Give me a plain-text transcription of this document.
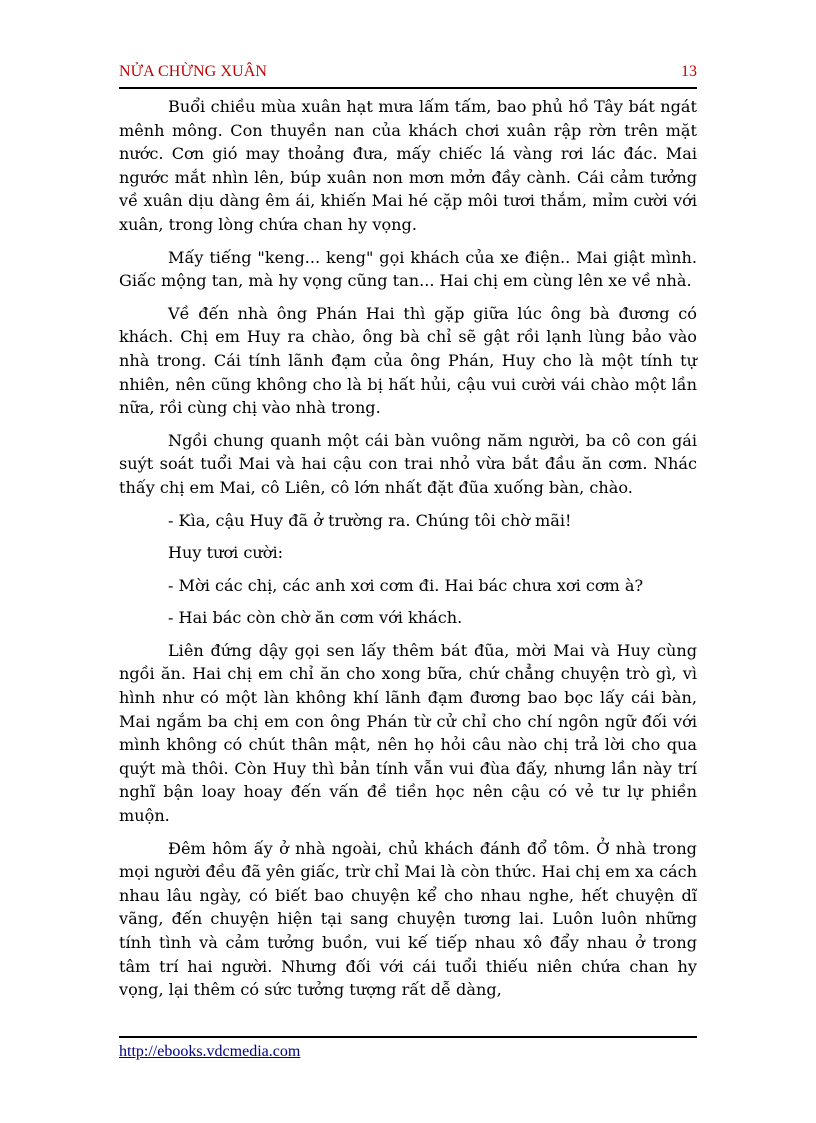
NỬA CHỪNG XUÂN	13

Buổi chiều mùa xuân hạt mưa lấm tấm, bao phủ hồ Tây bát ngát mênh mông. Con thuyền nan của khách chơi xuân rập rờn trên mặt nước. Cơn gió may thoảng đưa, mấy chiếc lá vàng rơi lác đác. Mai ngước mắt nhìn lên, búp xuân non mơn mởn đầy cành. Cái cảm tưởng về xuân dịu dàng êm ái, khiến Mai hé cặp môi tươi thắm, mỉm cười với xuân, trong lòng chứa chan hy vọng.

Mấy tiếng "keng... keng" gọi khách của xe điện.. Mai giật mình. Giấc mộng tan, mà hy vọng cũng tan... Hai chị em cùng lên xe về nhà.

Về đến nhà ông Phán Hai thì gặp giữa lúc ông bà đương có khách. Chị em Huy ra chào, ông bà chỉ sẽ gật rồi lạnh lùng bảo vào nhà trong. Cái tính lãnh đạm của ông Phán, Huy cho là một tính tự nhiên, nên cũng không cho là bị hất hủi, cậu vui cười vái chào một lần nữa, rồi cùng chị vào nhà trong.

Ngồi chung quanh một cái bàn vuông năm người, ba cô con gái suýt soát tuổi Mai và hai cậu con trai nhỏ vừa bắt đầu ăn cơm. Nhác thấy chị em Mai, cô Liên, cô lớn nhất đặt đũa xuống bàn, chào.

- Kìa, cậu Huy đã ở trường ra. Chúng tôi chờ mãi!

Huy tươi cười:

- Mời các chị, các anh xơi cơm đi. Hai bác chưa xơi cơm à?

- Hai bác còn chờ ăn cơm với khách.

Liên đứng dậy gọi sen lấy thêm bát đũa, mời Mai và Huy cùng ngồi ăn. Hai chị em chỉ ăn cho xong bữa, chứ chẳng chuyện trò gì, vì hình như có một làn không khí lãnh đạm đương bao bọc lấy cái bàn, Mai ngắm ba chị em con ông Phán từ cử chỉ cho chí ngôn ngữ đối với mình không có chút thân mật, nên họ hỏi câu nào chị trả lời cho qua quýt mà thôi. Còn Huy thì bản tính vẫn vui đùa đấy, nhưng lần này trí nghĩ bận loay hoay đến vấn đề tiền học nên cậu có vẻ tư lự phiền muộn.

Đêm hôm ấy ở nhà ngoài, chủ khách đánh đổ tôm. Ở nhà trong mọi người đều đã yên giấc, trừ chỉ Mai là còn thức. Hai chị em xa cách nhau lâu ngày, có biết bao chuyện kể cho nhau nghe, hết chuyện dĩ vãng, đến chuyện hiện tại sang chuyện tương lai. Luôn luôn những tính tình và cảm tưởng buồn, vui kế tiếp nhau xô đẩy nhau ở trong tâm trí hai người. Nhưng đối với cái tuổi thiếu niên chứa chan hy vọng, lại thêm có sức tưởng tượng rất dễ dàng,

http://ebooks.vdcmedia.com
